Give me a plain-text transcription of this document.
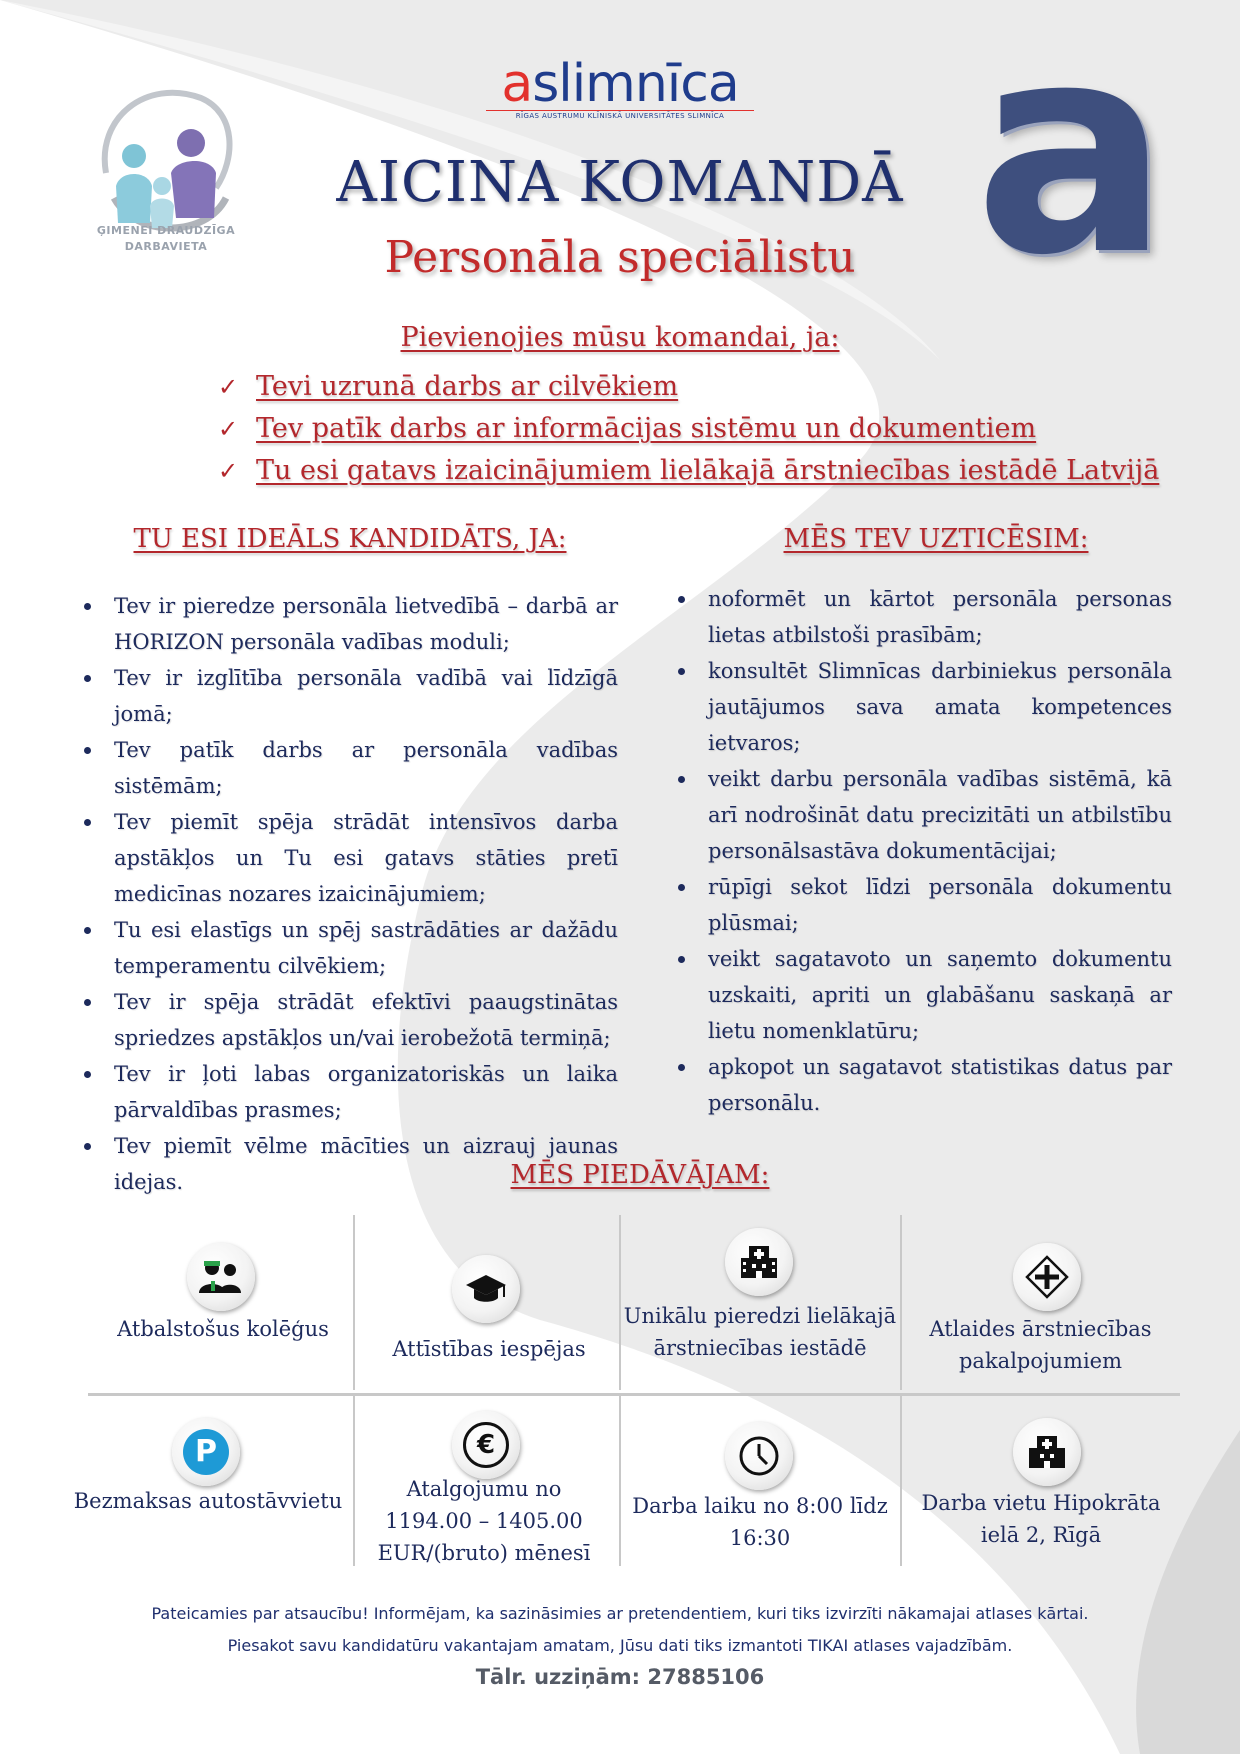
ĢIMENEI DRAUDZĪGA
DARBAVIETA
aslimnīca
RĪGAS AUSTRUMU KLĪNISKĀ UNIVERSITĀTES SLIMNĪCA a
AICINA KOMANDĀ
Personāla speciālistu
Pievienojies mūsu komandai, ja:
✓ Tevi uzrunā darbs ar cilvēkiem
✓ Tev patīk darbs ar informācijas sistēmu un dokumentiem
✓ Tu esi gatavs izaicinājumiem lielākajā ārstniecības iestādē Latvijā
TU ESI IDEĀLS KANDIDĀTS, JA:
Tev ir pieredze personāla lietvedībā – darbā ar HORIZON personāla vadības moduli;
Tev ir izglītība personāla vadībā vai līdzīgā jomā;
Tev patīk darbs ar personāla vadības sistēmām;
Tev piemīt spēja strādāt intensīvos darba apstākļos un Tu esi gatavs stāties pretī medicīnas nozares izaicinājumiem;
Tu esi elastīgs un spēj sastrādāties ar dažādu temperamentu cilvēkiem;
Tev ir spēja strādāt efektīvi paaugstinātas spriedzes apstākļos un/vai ierobežotā termiņā;
Tev ir ļoti labas organizatoriskās un laika pārvaldības prasmes;
Tev piemīt vēlme mācīties un aizrauj jaunas idejas.
MĒS TEV UZTICĒSIM:
noformēt un kārtot personāla personas lietas atbilstoši prasībām;
konsultēt Slimnīcas darbiniekus personāla jautājumos sava amata kompetences ietvaros;
veikt darbu personāla vadības sistēmā, kā arī nodrošināt datu precizitāti un atbilstību personālsastāva dokumentācijai;
rūpīgi sekot līdzi personāla dokumentu plūsmai;
veikt sagatavoto un saņemto dokumentu uzskaiti, apriti un glabāšanu saskaņā ar lietu nomenklatūru;
apkopot un sagatavot statistikas datus par personālu.
MĒS PIEDĀVĀJAM:
Atbalstošus kolēģus
Attīstības iespējas
Unikālu pieredzi lielākajā ārstniecības iestādē
Atlaides ārstniecības pakalpojumiem
P
Bezmaksas autostāvvietu
€
Atalgojumu no 1194.00 – 1405.00 EUR/(bruto) mēnesī
Darba laiku no 8:00 līdz 16:30
Darba vietu Hipokrāta ielā 2, Rīgā
Pateicamies par atsaucību! Informējam, ka sazināsimies ar pretendentiem, kuri tiks izvirzīti nākamajai atlases kārtai.
Piesakot savu kandidatūru vakantajam amatam, Jūsu dati tiks izmantoti TIKAI atlases vajadzībām.
Tālr. uzziņām: 27885106
